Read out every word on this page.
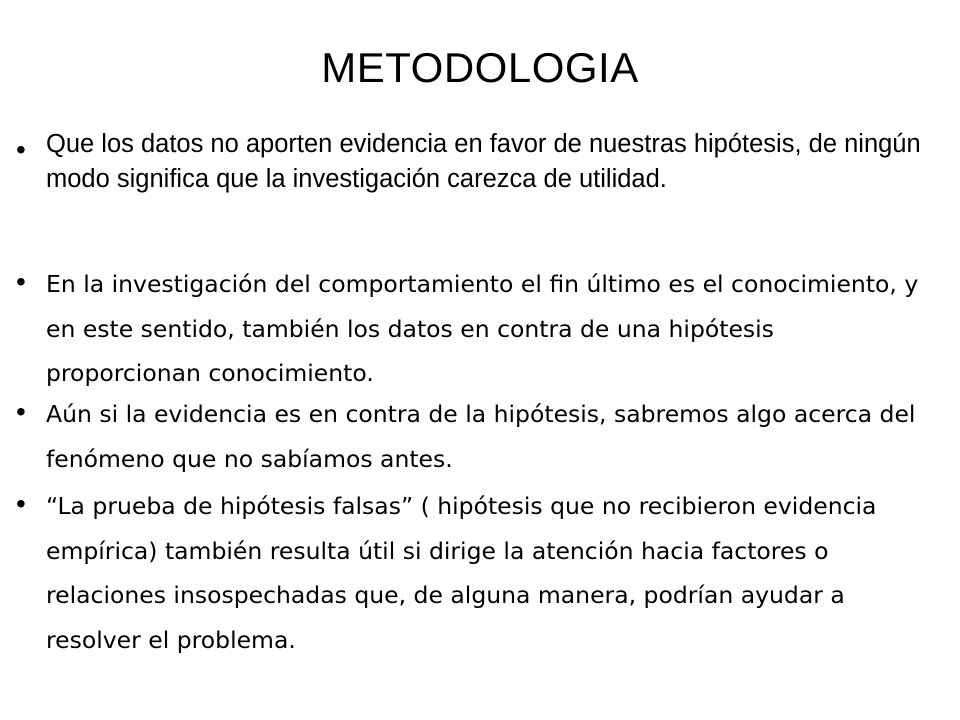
METODOLOGIA
• Que los datos no aporten evidencia en favor de nuestras hipótesis, de ningún modo significa que la investigación carezca de utilidad.

• En la investigación del comportamiento el fin último es el conocimiento, y en este sentido, también los datos en contra de una hipótesis proporcionan conocimiento.

• Aún si la evidencia es en contra de la hipótesis, sabremos algo acerca del fenómeno que no sabíamos antes.

• “La prueba de hipótesis falsas” ( hipótesis que no recibieron evidencia empírica) también resulta útil si dirige la atención hacia factores o relaciones insospechadas que, de alguna manera, podrían ayudar a resolver el problema.
